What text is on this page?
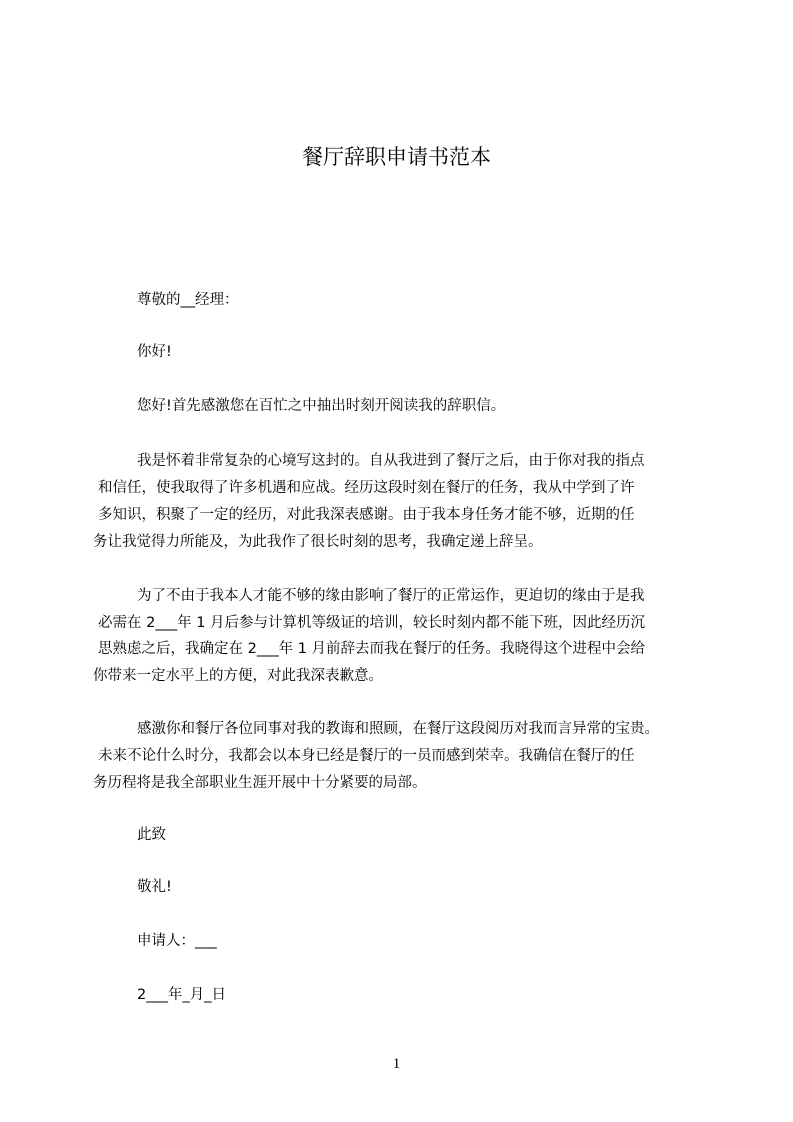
餐厅辞职申请书范本
尊敬的__经理：
你好!
您好!首先感激您在百忙之中抽出时刻开阅读我的辞职信。
我是怀着非常复杂的心境写这封的。自从我进到了餐厅之后，由于你对我的指点
和信任，使我取得了许多机遇和应战。经历这段时刻在餐厅的任务，我从中学到了许
多知识，积聚了一定的经历，对此我深表感谢。由于我本身任务才能不够，近期的任
务让我觉得力所能及，为此我作了很长时刻的思考，我确定递上辞呈。
为了不由于我本人才能不够的缘由影响了餐厅的正常运作，更迫切的缘由于是我
必需在 2___年 1 月后参与计算机等级证的培训，较长时刻内都不能下班，因此经历沉
思熟虑之后，我确定在 2___年 1 月前辞去而我在餐厅的任务。我晓得这个进程中会给
你带来一定水平上的方便，对此我深表歉意。
感激你和餐厅各位同事对我的教诲和照顾，在餐厅这段阅历对我而言异常的宝贵。
未来不论什么时分，我都会以本身已经是餐厅的一员而感到荣幸。我确信在餐厅的任
务历程将是我全部职业生涯开展中十分紧要的局部。
此致
敬礼!
申请人：___
2___年_月_日
1
